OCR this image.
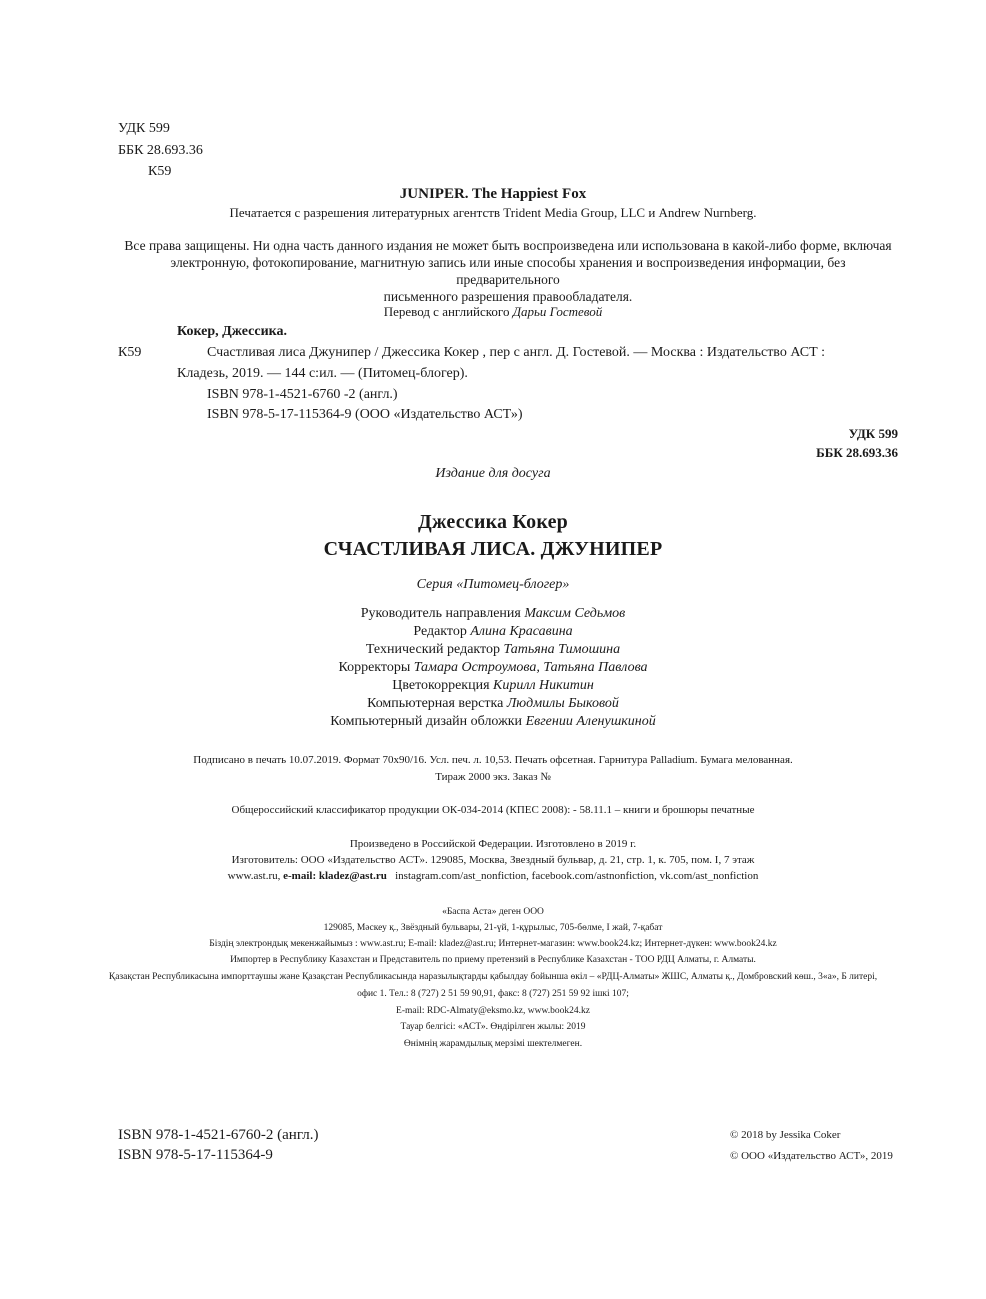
УДК 599
ББК 28.693.36
К59
JUNIPER. The Happiest Fox
Печатается с разрешения литературных агентств Trident Media Group, LLC и Andrew Nurnberg.
Все права защищены. Ни одна часть данного издания не может быть воспроизведена или использована в какой-либо форме, включая
электронную, фотокопирование, магнитную запись или иные способы хранения и воспроизведения информации, без предварительного
письменного разрешения правообладателя.
Перевод с английского Дарьи Гостевой
Кокер, Джессика.
К59	Счастливая лиса Джунипер / Джессика Кокер , пер с англ. Д. Гостевой. — Москва : Издательство АСТ :
Кладезь, 2019. — 144 с:ил. — (Питомец-блогер).
ISBN 978-1-4521-6760 -2 (англ.)
ISBN 978-5-17-115364-9 (ООО «Издательство АСТ»)
УДК 599
ББК 28.693.36
Издание для досуга
Джессика Кокер
СЧАСТЛИВАЯ ЛИСА. ДЖУНИПЕР
Серия «Питомец-блогер»
Руководитель направления Максим Седьмов
Редактор Алина Красавина
Технический редактор Татьяна Тимошина
Корректоры Тамара Остроумова, Татьяна Павлова
Цветокоррекция Кирилл Никитин
Компьютерная верстка Людмилы Быковой
Компьютерный дизайн обложки Евгении Аленушкиной
Подписано в печать 10.07.2019. Формат 70х90/16. Усл. печ. л. 10,53. Печать офсетная. Гарнитура Palladium. Бумага мелованная.
Тираж 2000 экз. Заказ №
Общероссийский классификатор продукции ОК-034-2014 (КПЕС 2008): - 58.11.1 – книги и брошюры печатные
Произведено в Российской Федерации. Изготовлено в 2019 г.
Изготовитель: ООО «Издательство АСТ». 129085, Москва, Звездный бульвар, д. 21, стр. 1, к. 705, пом. I, 7 этаж
www.ast.ru, e-mail: kladez@ast.ru instagram.com/ast_nonfiction, facebook.com/astnonfiction, vk.com/ast_nonfiction
«Баспа Аста» деген ООО
129085, Мәскеу қ., Звёздный бульвары, 21-үй, 1-құрылыс, 705-бөлме, I жай, 7-қабат
Біздің электрондық мекенжайымыз : www.ast.ru; E-mail: kladez@ast.ru; Интернет-магазин: www.book24.kz; Интернет-дүкен: www.book24.kz
Импортер в Республику Казахстан и Представитель по приему претензий в Республике Казахстан - ТОО РДЦ Алматы, г. Алматы.
Қазақстан Республикасына импорттаушы және Қазақстан Республикасында наразылықтарды қабылдау бойынша өкіл – «РДЦ-Алматы» ЖШС, Алматы қ., Домбровский көш., 3«а», Б литері,
офис 1. Тел.: 8 (727) 2 51 59 90,91, факс: 8 (727) 251 59 92 ішкі 107;
E-mail: RDC-Almaty@eksmo.kz, www.book24.kz
Тауар белгісі: «АСТ». Өндірілген жылы: 2019
Өнімнің жарамдылық мерзімі шектелмеген.
ISBN 978-1-4521-6760-2 (англ.)
ISBN 978-5-17-115364-9
© 2018 by Jessika Coker
© ООО «Издательство АСТ», 2019
